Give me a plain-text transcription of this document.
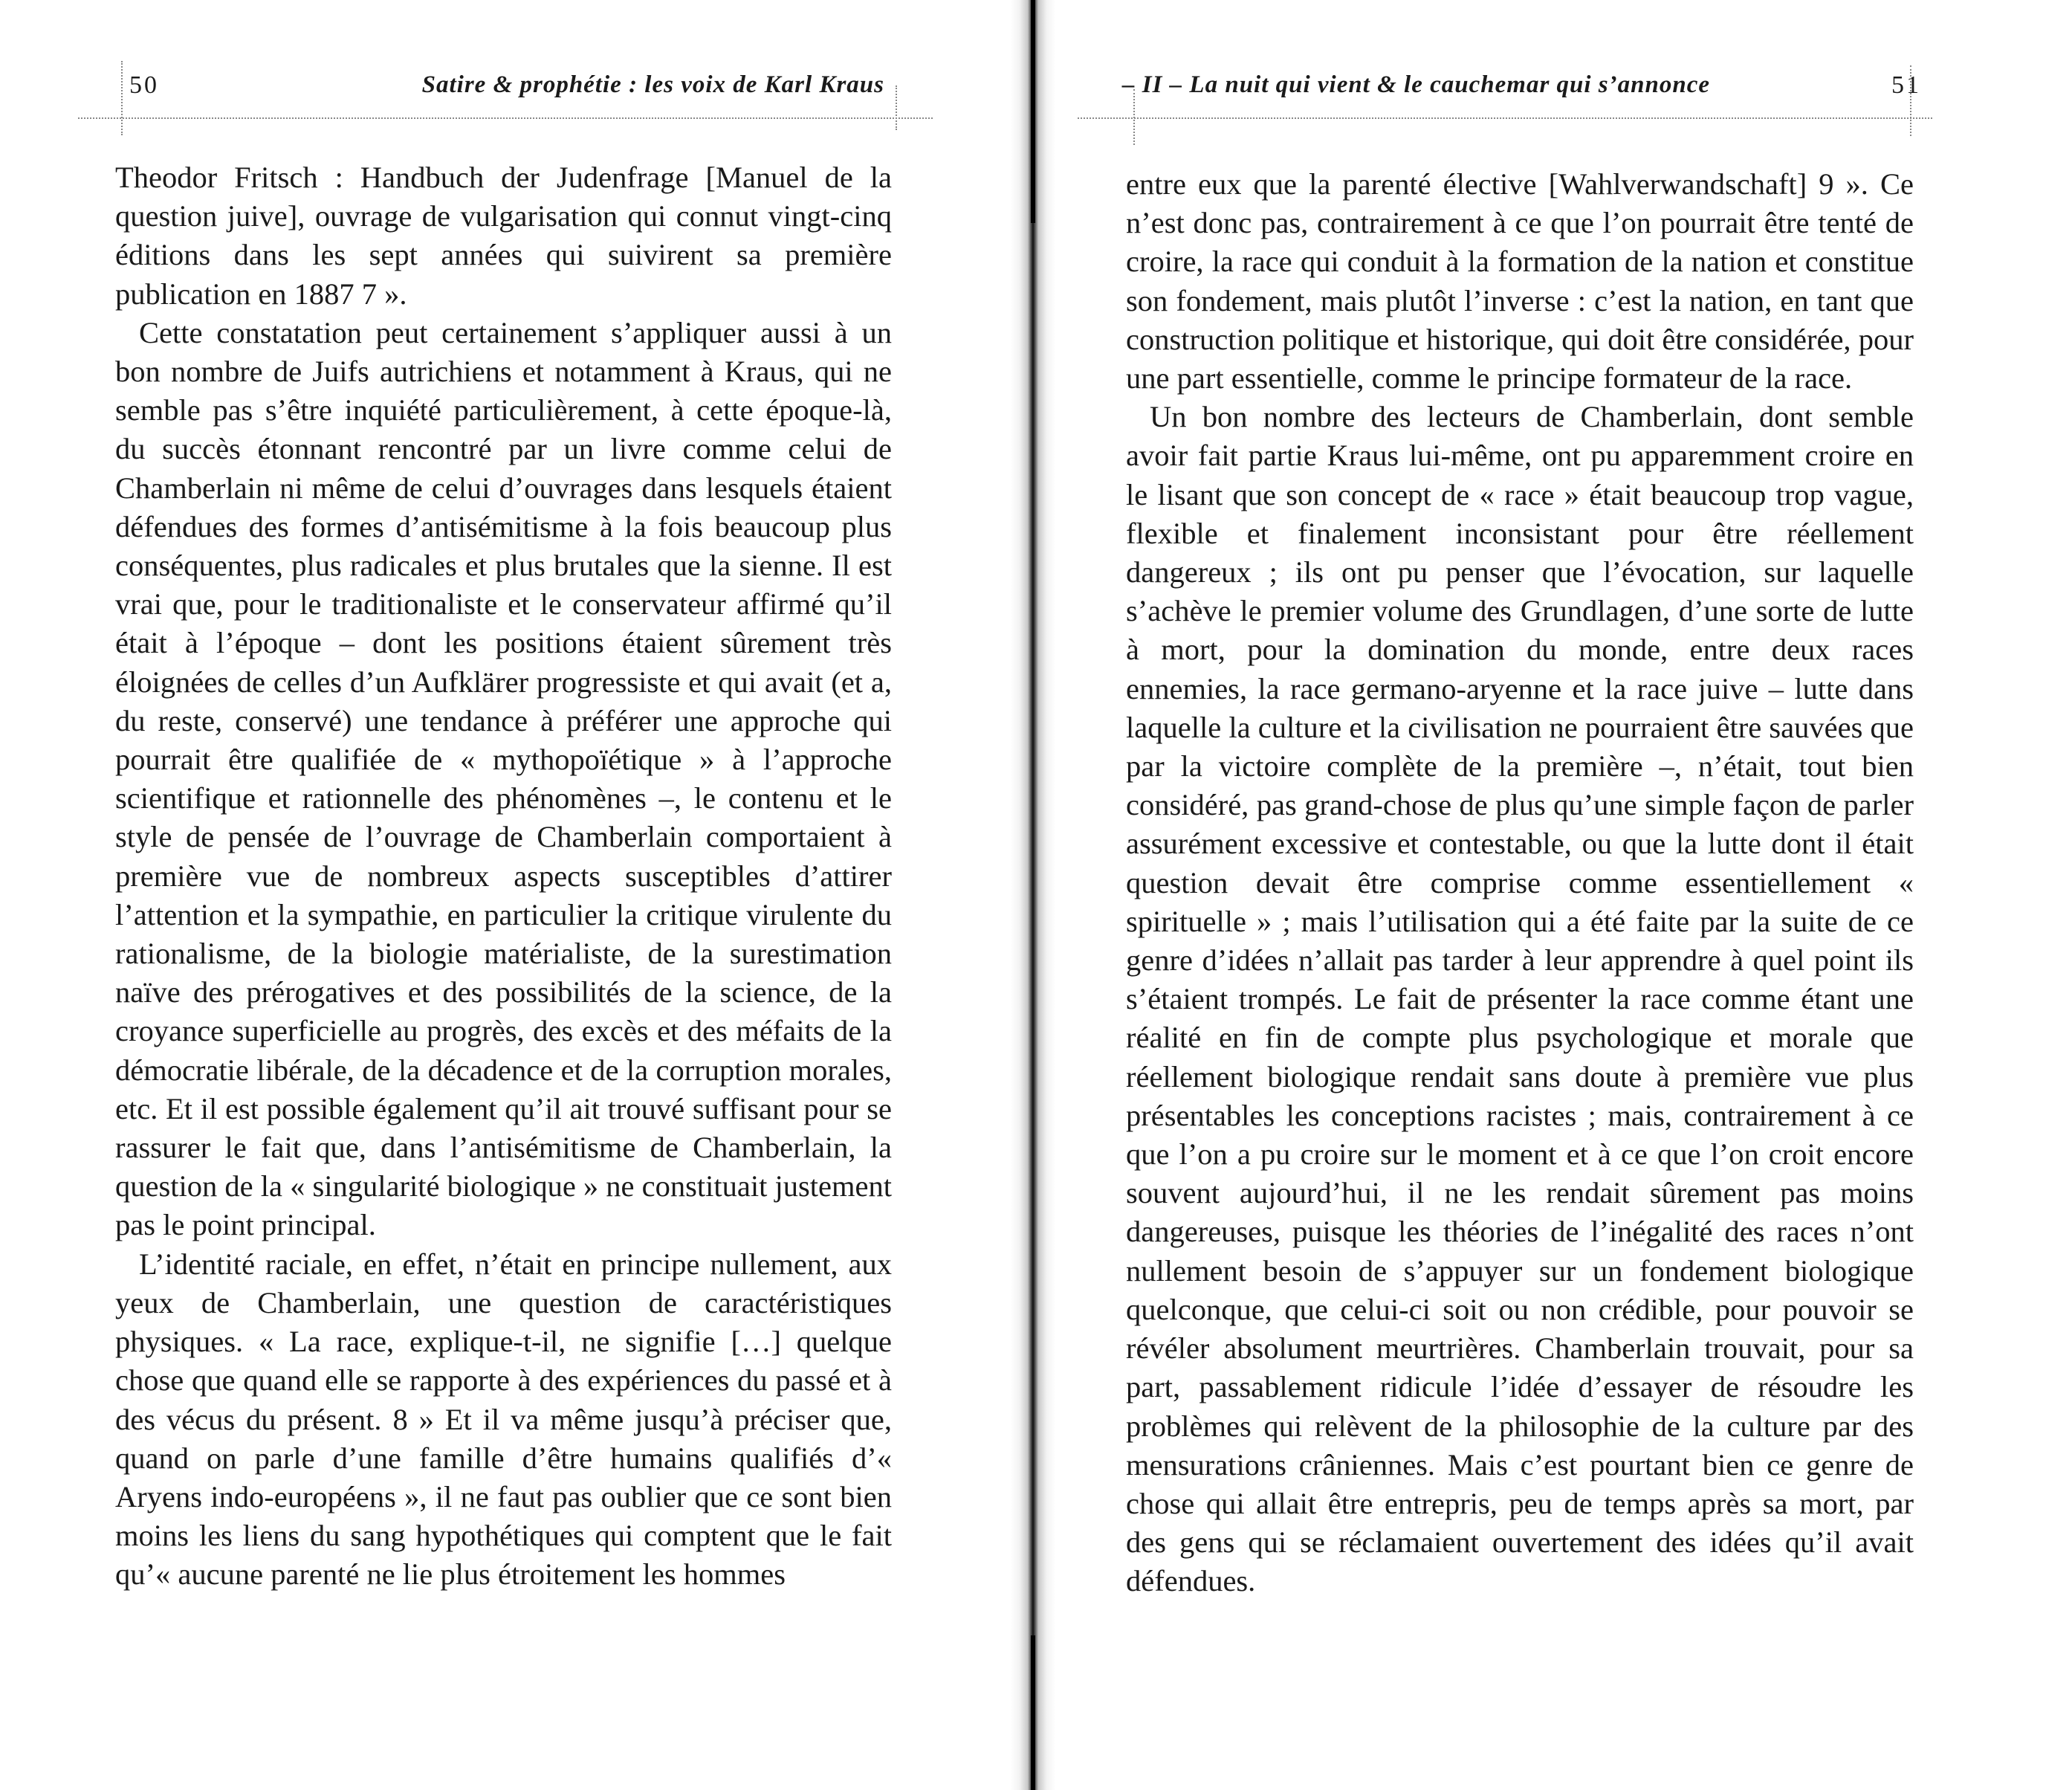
50	Satire & prophétie : les voix de Karl Kraus

Theodor Fritsch : Handbuch der Judenfrage [Manuel de la question juive], ouvrage de vulgarisation qui connut vingt-cinq éditions dans les sept années qui suivirent sa première publication en 1887 7 ».

Cette constatation peut certainement s’appliquer aussi à un bon nombre de Juifs autrichiens et notamment à Kraus, qui ne semble pas s’être inquiété particulièrement, à cette époque-là, du succès étonnant rencontré par un livre comme celui de Chamberlain ni même de celui d’ouvrages dans lesquels étaient défendues des formes d’antisémitisme à la fois beaucoup plus conséquentes, plus radicales et plus brutales que la sienne. Il est vrai que, pour le traditionaliste et le conservateur affirmé qu’il était à l’époque – dont les positions étaient sûrement très éloignées de celles d’un Aufklärer progressiste et qui avait (et a, du reste, conservé) une tendance à préférer une approche qui pourrait être qualifiée de « mythopoïétique » à l’approche scientifique et rationnelle des phénomènes –, le contenu et le style de pensée de l’ouvrage de Chamberlain comportaient à première vue de nombreux aspects susceptibles d’attirer l’attention et la sympathie, en particulier la critique virulente du rationalisme, de la biologie matérialiste, de la surestimation naïve des prérogatives et des possibilités de la science, de la croyance superficielle au progrès, des excès et des méfaits de la démocratie libérale, de la décadence et de la corruption morales, etc. Et il est possible également qu’il ait trouvé suffisant pour se rassurer le fait que, dans l’antisémitisme de Chamberlain, la question de la « singularité biologique » ne constituait justement pas le point principal.

L’identité raciale, en effet, n’était en principe nullement, aux yeux de Chamberlain, une question de caractéristiques physiques. « La race, explique-t-il, ne signifie […] quelque chose que quand elle se rapporte à des expériences du passé et à des vécus du présent. 8 » Et il va même jusqu’à préciser que, quand on parle d’une famille d’être humains qualifiés d’« Aryens indo-européens », il ne faut pas oublier que ce sont bien moins les liens du sang hypothétiques qui comptent que le fait qu’« aucune parenté ne lie plus étroitement les hommes

– II – La nuit qui vient & le cauchemar qui s’annonce	51

entre eux que la parenté élective [Wahlverwandschaft] 9 ». Ce n’est donc pas, contrairement à ce que l’on pourrait être tenté de croire, la race qui conduit à la formation de la nation et constitue son fondement, mais plutôt l’inverse : c’est la nation, en tant que construction politique et historique, qui doit être considérée, pour une part essentielle, comme le principe formateur de la race.

Un bon nombre des lecteurs de Chamberlain, dont semble avoir fait partie Kraus lui-même, ont pu apparemment croire en le lisant que son concept de « race » était beaucoup trop vague, flexible et finalement inconsistant pour être réellement dangereux ; ils ont pu penser que l’évocation, sur laquelle s’achève le premier volume des Grundlagen, d’une sorte de lutte à mort, pour la domination du monde, entre deux races ennemies, la race germano-aryenne et la race juive – lutte dans laquelle la culture et la civilisation ne pourraient être sauvées que par la victoire complète de la première –, n’était, tout bien considéré, pas grand-chose de plus qu’une simple façon de parler assurément excessive et contestable, ou que la lutte dont il était question devait être comprise comme essentiellement « spirituelle » ; mais l’utilisation qui a été faite par la suite de ce genre d’idées n’allait pas tarder à leur apprendre à quel point ils s’étaient trompés. Le fait de présenter la race comme étant une réalité en fin de compte plus psychologique et morale que réellement biologique rendait sans doute à première vue plus présentables les conceptions racistes ; mais, contrairement à ce que l’on a pu croire sur le moment et à ce que l’on croit encore souvent aujourd’hui, il ne les rendait sûrement pas moins dangereuses, puisque les théories de l’inégalité des races n’ont nullement besoin de s’appuyer sur un fondement biologique quelconque, que celui-ci soit ou non crédible, pour pouvoir se révéler absolument meurtrières. Chamberlain trouvait, pour sa part, passablement ridicule l’idée d’essayer de résoudre les problèmes qui relèvent de la philosophie de la culture par des mensurations crâniennes. Mais c’est pourtant bien ce genre de chose qui allait être entrepris, peu de temps après sa mort, par des gens qui se réclamaient ouvertement des idées qu’il avait défendues.
